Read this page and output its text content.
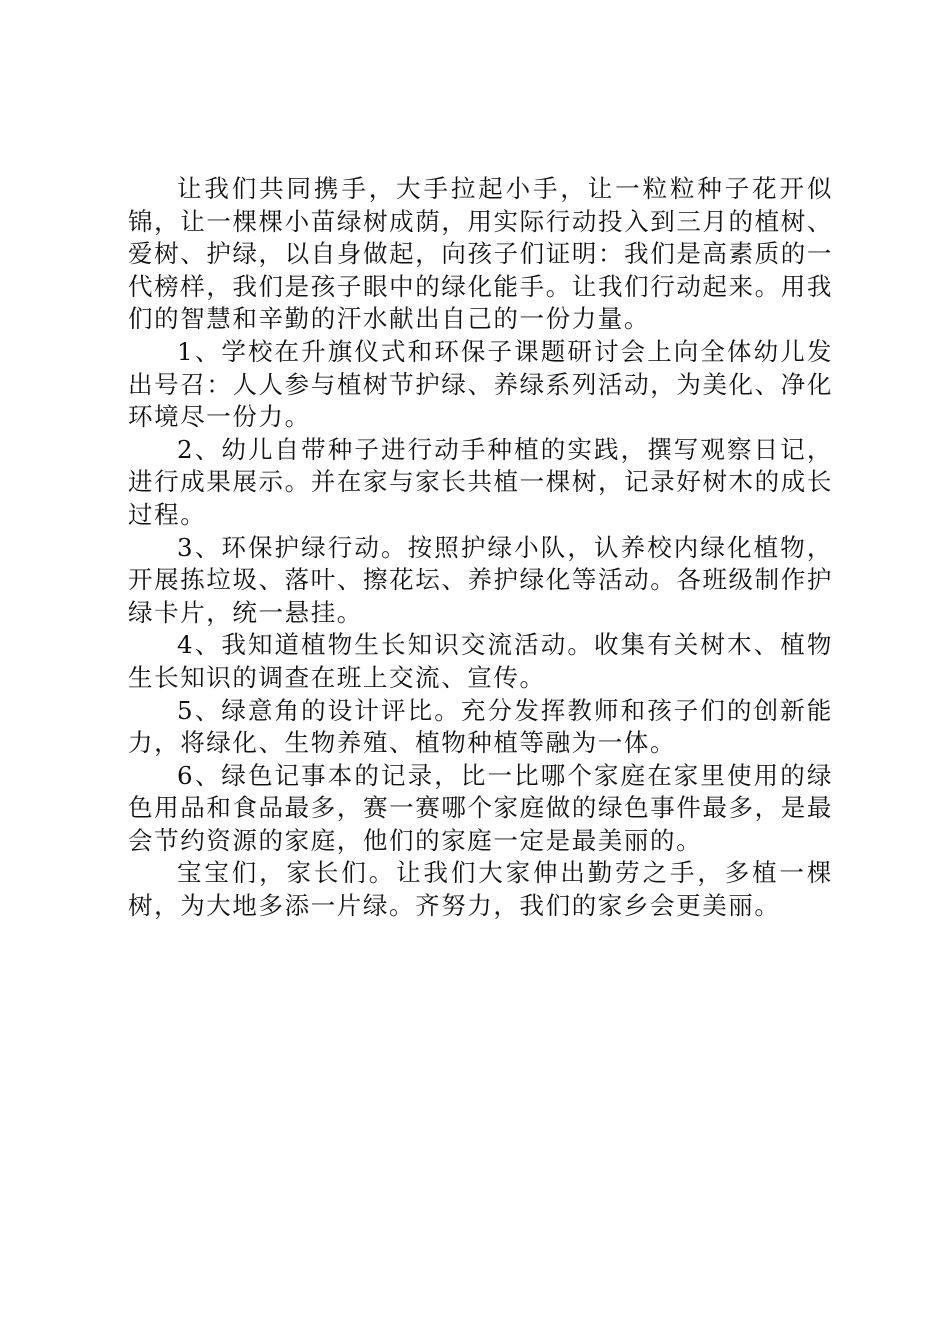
让我们共同携手，大手拉起小手，让一粒粒种子花开似锦，让一棵棵小苗绿树成荫，用实际行动投入到三月的植树、爱树、护绿，以自身做起，向孩子们证明：我们是高素质的一代榜样，我们是孩子眼中的绿化能手。让我们行动起来。用我们的智慧和辛勤的汗水献出自己的一份力量。

1、学校在升旗仪式和环保子课题研讨会上向全体幼儿发出号召：人人参与植树节护绿、养绿系列活动，为美化、净化环境尽一份力。

2、幼儿自带种子进行动手种植的实践，撰写观察日记，进行成果展示。并在家与家长共植一棵树，记录好树木的成长过程。

3、环保护绿行动。按照护绿小队，认养校内绿化植物，开展拣垃圾、落叶、擦花坛、养护绿化等活动。各班级制作护绿卡片，统一悬挂。

4、我知道植物生长知识交流活动。收集有关树木、植物生长知识的调查在班上交流、宣传。

5、绿意角的设计评比。充分发挥教师和孩子们的创新能力，将绿化、生物养殖、植物种植等融为一体。

6、绿色记事本的记录，比一比哪个家庭在家里使用的绿色用品和食品最多，赛一赛哪个家庭做的绿色事件最多，是最会节约资源的家庭，他们的家庭一定是最美丽的。

宝宝们，家长们。让我们大家伸出勤劳之手，多植一棵树，为大地多添一片绿。齐努力，我们的家乡会更美丽。
